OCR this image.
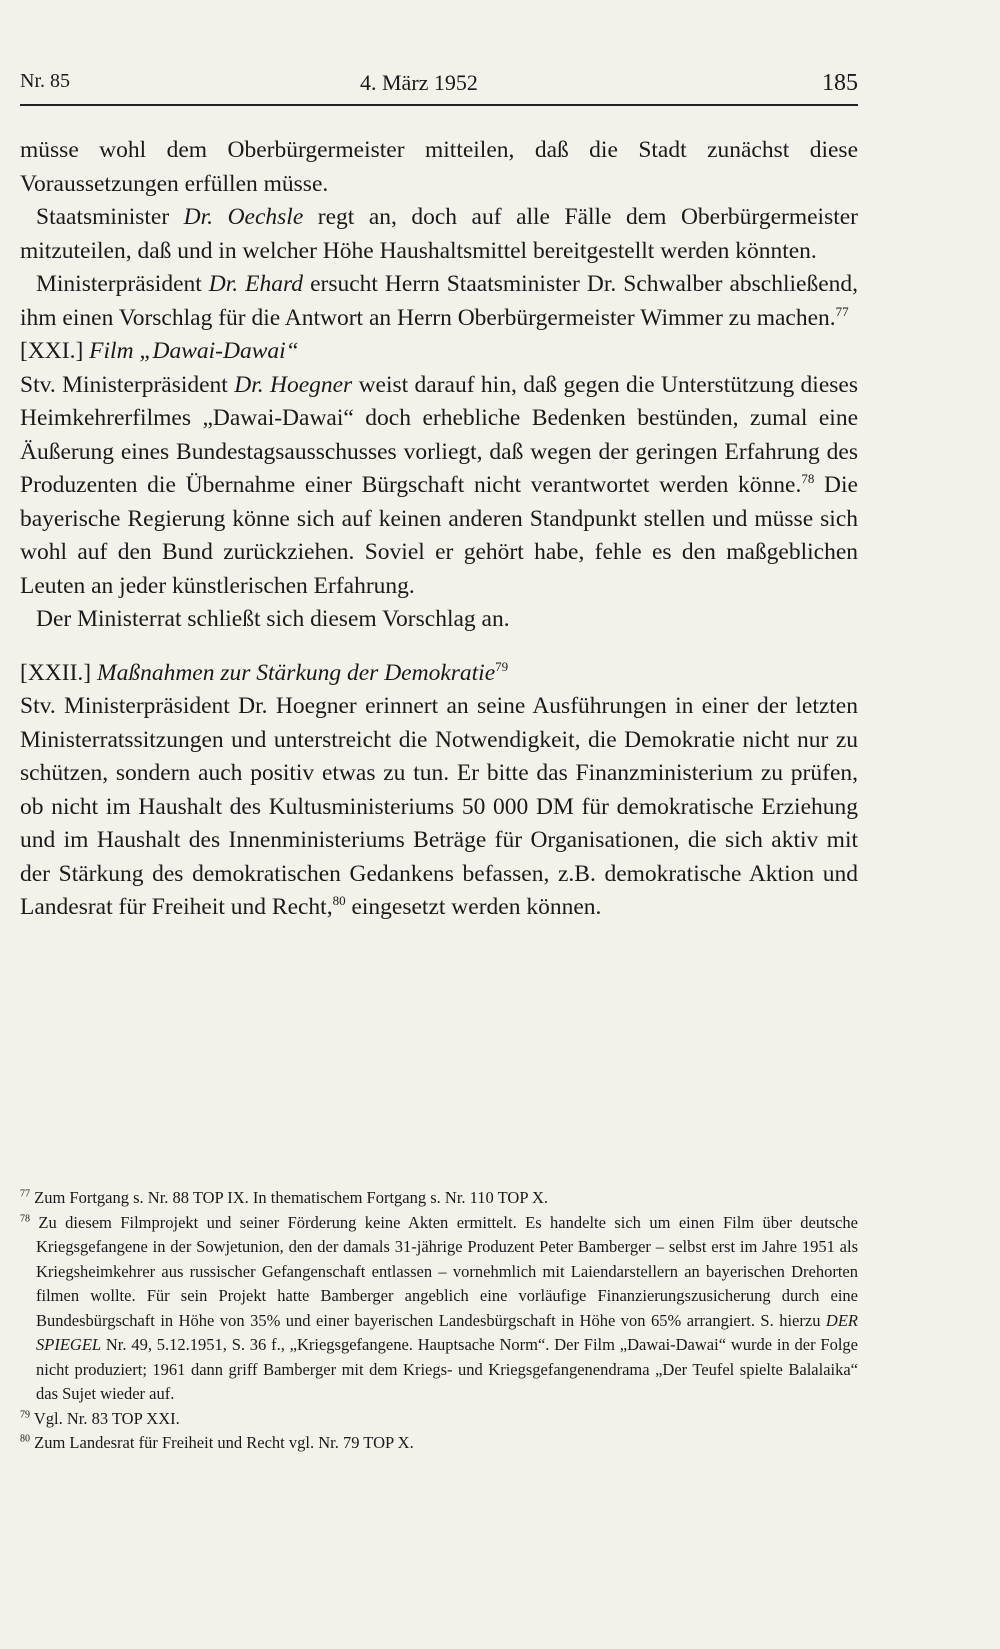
Nr. 85	4. März 1952	185

müsse wohl dem Oberbürgermeister mitteilen, daß die Stadt zunächst diese Voraussetzungen erfüllen müsse.

Staatsminister Dr. Oechsle regt an, doch auf alle Fälle dem Oberbürgermeister mitzuteilen, daß und in welcher Höhe Haushaltsmittel bereitgestellt werden könnten.

Ministerpräsident Dr. Ehard ersucht Herrn Staatsminister Dr. Schwalber abschließend, ihm einen Vorschlag für die Antwort an Herrn Oberbürgermeister Wimmer zu machen.$^{77}$

[XXI.] Film „Dawai-Dawai“

Stv. Ministerpräsident Dr. Hoegner weist darauf hin, daß gegen die Unterstützung dieses Heimkehrerfilmes „Dawai-Dawai“ doch erhebliche Bedenken bestünden, zumal eine Äußerung eines Bundestagsausschusses vorliegt, daß wegen der geringen Erfahrung des Produzenten die Übernahme einer Bürgschaft nicht verantwortet werden könne.$^{78}$ Die bayerische Regierung könne sich auf keinen anderen Standpunkt stellen und müsse sich wohl auf den Bund zurückziehen. Soviel er gehört habe, fehle es den maßgeblichen Leuten an jeder künstlerischen Erfahrung.

Der Ministerrat schließt sich diesem Vorschlag an.

[XXII.] Maßnahmen zur Stärkung der Demokratie$^{79}$

Stv. Ministerpräsident Dr. Hoegner erinnert an seine Ausführungen in einer der letzten Ministerratssitzungen und unterstreicht die Notwendigkeit, die Demokratie nicht nur zu schützen, sondern auch positiv etwas zu tun. Er bitte das Finanzministerium zu prüfen, ob nicht im Haushalt des Kultusministeriums 50 000 DM für demokratische Erziehung und im Haushalt des Innenministeriums Beträge für Organisationen, die sich aktiv mit der Stärkung des demokratischen Gedankens befassen, z.B. demokratische Aktion und Landesrat für Freiheit und Recht,$^{80}$ eingesetzt werden können.

$^{77}$ Zum Fortgang s. Nr. 88 TOP IX. In thematischem Fortgang s. Nr. 110 TOP X.

$^{78}$ Zu diesem Filmprojekt und seiner Förderung keine Akten ermittelt. Es handelte sich um einen Film über deutsche Kriegsgefangene in der Sowjetunion, den der damals 31-jährige Produzent Peter Bamberger – selbst erst im Jahre 1951 als Kriegsheimkehrer aus russischer Gefangenschaft entlassen – vornehmlich mit Laiendarstellern an bayerischen Drehorten filmen wollte. Für sein Projekt hatte Bamberger angeblich eine vorläufige Finanzierungszusicherung durch eine Bundesbürgschaft in Höhe von 35% und einer bayerischen Landesbürgschaft in Höhe von 65% arrangiert. S. hierzu DER SPIEGEL Nr. 49, 5.12.1951, S. 36 f., „Kriegsgefangene. Hauptsache Norm“. Der Film „Dawai-Dawai“ wurde in der Folge nicht produziert; 1961 dann griff Bamberger mit dem Kriegs- und Kriegsgefangenendrama „Der Teufel spielte Balalaika“ das Sujet wieder auf.

$^{79}$ Vgl. Nr. 83 TOP XXI.

$^{80}$ Zum Landesrat für Freiheit und Recht vgl. Nr. 79 TOP X.
